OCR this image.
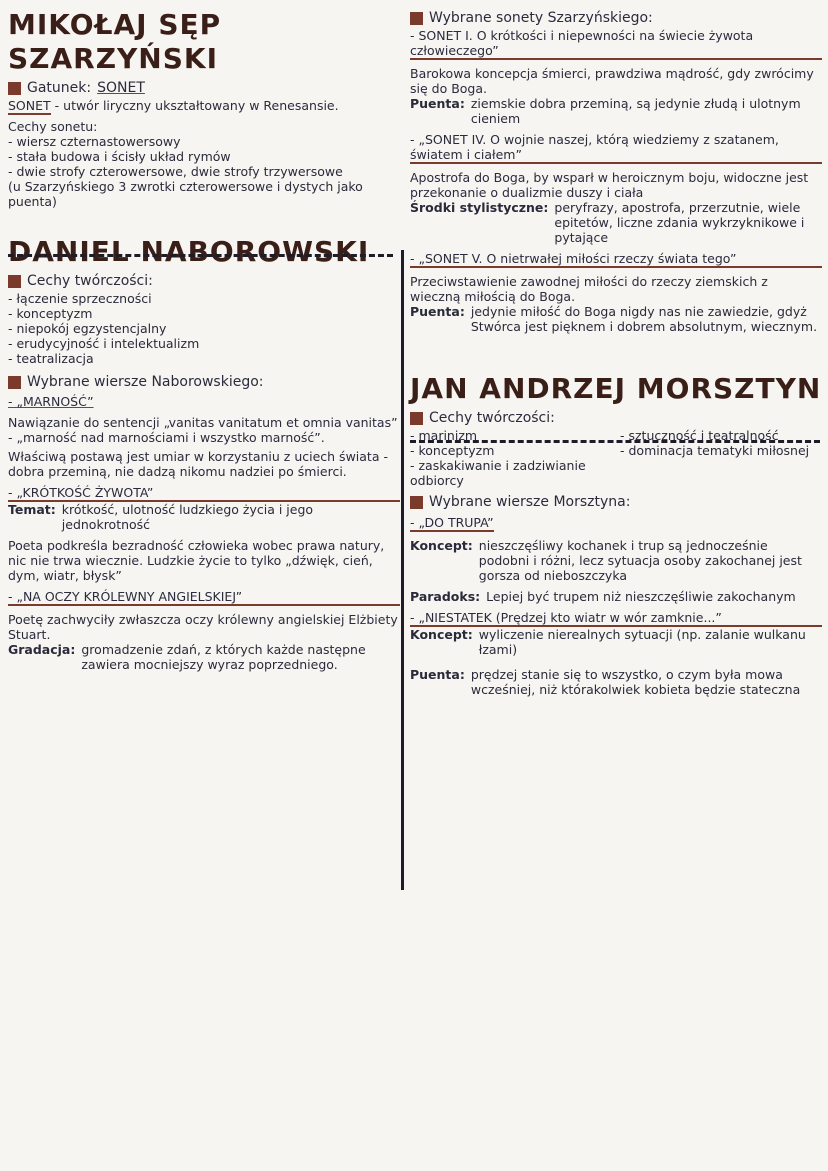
MIKOŁAJ SĘP SZARZYŃSKI
Gatunek: SONET

SONET - utwór liryczny ukształtowany w Renesansie.

Cechy sonetu:

- wiersz czternastowersowy

- stała budowa i ścisły układ rymów

- dwie strofy czterowersowe, dwie strofy trzywersowe

(u Szarzyńskiego 3 zwrotki czterowersowe i dystych jako puenta)

DANIEL NABOROWSKI
Cechy twórczości:

- łączenie sprzeczności

- konceptyzm

- niepokój egzystencjalny

- erudycyjność i intelektualizm

- teatralizacja

Wybrane wiersze Naborowskiego:

- „MARNOŚĆ”

Nawiązanie do sentencji „vanitas vanitatum et omnia vanitas” - „marność nad marnościami i wszystko marność”.

Właściwą postawą jest umiar w korzystaniu z uciech świata - dobra przeminą, nie dadzą nikomu nadziei po śmierci.

- „KRÓTKOŚĆ ŻYWOTA”

Temat: krótkość, ulotność ludzkiego życia i jego jednokrotność

Poeta podkreśla bezradność człowieka wobec prawa natury, nic nie trwa wiecznie. Ludzkie życie to tylko „dźwięk, cień, dym, wiatr, błysk”

- „NA OCZY KRÓLEWNY ANGIELSKIEJ”

Poetę zachwyciły zwłaszcza oczy królewny angielskiej Elżbiety Stuart.

Gradacja: gromadzenie zdań, z których każde następne zawiera mocniejszy wyraz poprzedniego.
Wybrane sonety Szarzyńskiego:

- SONET I. O krótkości i niepewności na świecie żywota człowieczego”

Barokowa koncepcja śmierci, prawdziwa mądrość, gdy zwrócimy się do Boga.

Puenta: ziemskie dobra przeminą, są jedynie złudą i ulotnym cieniem

- „SONET IV. O wojnie naszej, którą wiedziemy z szatanem, światem i ciałem”

Apostrofa do Boga, by wsparł w heroicznym boju, widoczne jest przekonanie o dualizmie duszy i ciała

Środki stylistyczne: peryfrazy, apostrofa, przerzutnie, wiele epitetów, liczne zdania wykrzyknikowe i pytające

- „SONET V. O nietrwałej miłości rzeczy świata tego”

Przeciwstawienie zawodnej miłości do rzeczy ziemskich z wieczną miłością do Boga.

Puenta: jedynie miłość do Boga nigdy nas nie zawiedzie, gdyż Stwórca jest pięknem i dobrem absolutnym, wiecznym.
JAN ANDRZEJ MORSZTYN
Cechy twórczości:

- marinizm

- konceptyzm

- zaskakiwanie i zadziwianie odbiorcy

- sztuczność i teatralność

- dominacja tematyki miłosnej

Wybrane wiersze Morsztyna:

- „DO TRUPA”

Koncept: nieszczęśliwy kochanek i trup są jednocześnie podobni i różni, lecz sytuacja osoby zakochanej jest gorsza od nieboszczyka
Paradoks: Lepiej być trupem niż nieszczęśliwie zakochanym

- „NIESTATEK (Prędzej kto wiatr w wór zamknie...”

Koncept: wyliczenie nierealnych sytuacji (np. zalanie wulkanu łzami)
Puenta: prędzej stanie się to wszystko, o czym była mowa wcześniej, niż którakolwiek kobieta będzie stateczna
